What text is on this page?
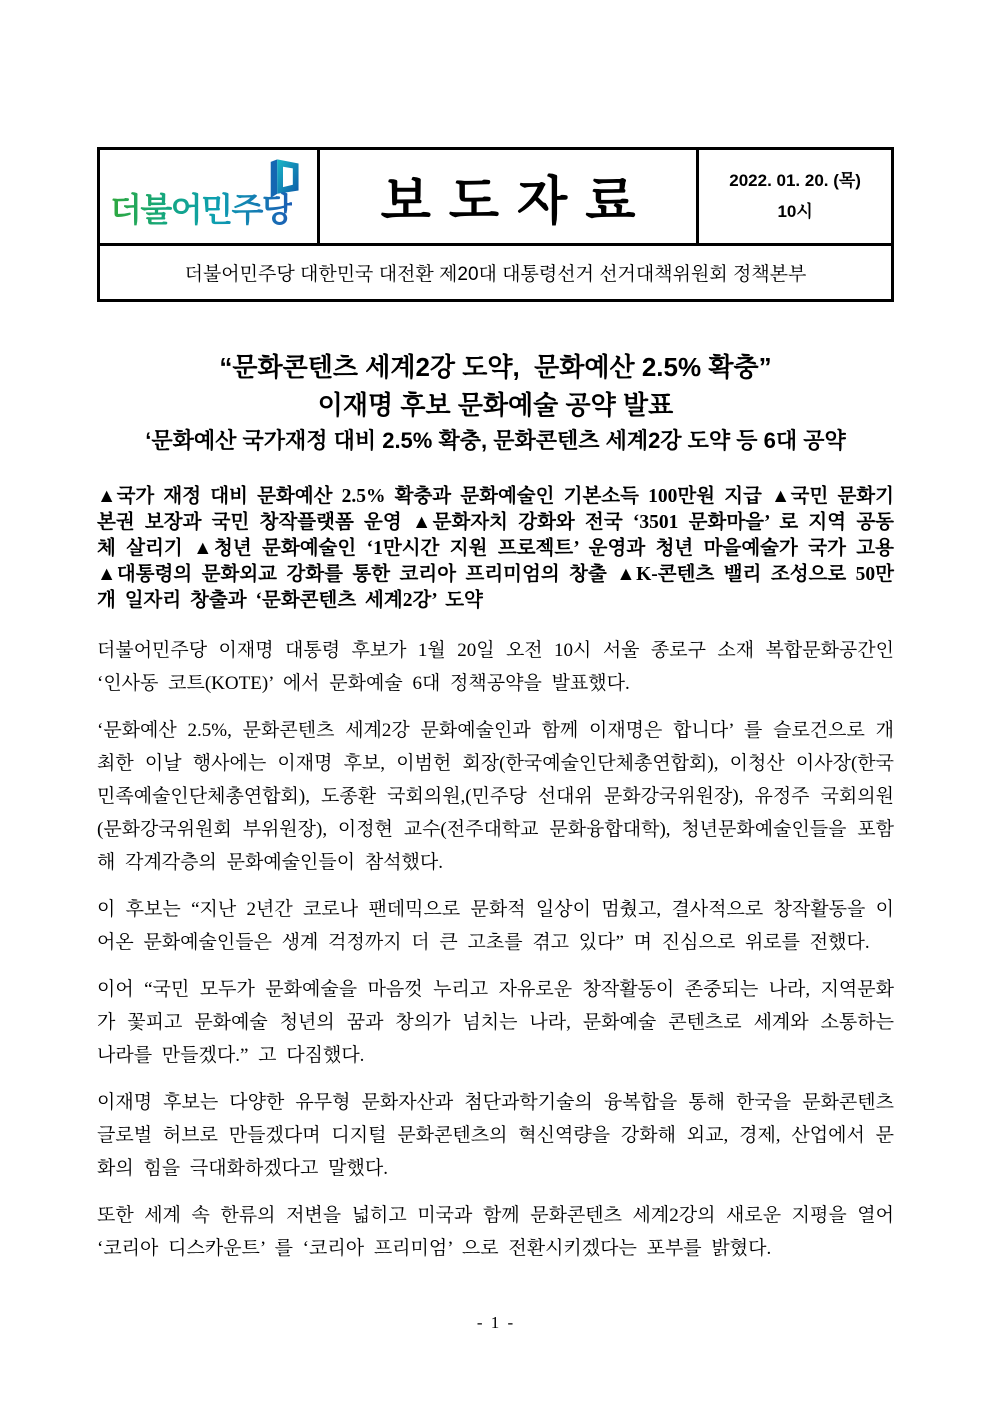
더불어민주당	보도자료	2022. 01. 20. (목)
10시

더불어민주당 대한민국 대전환 제20대 대통령선거 선거대책위원회 정책본부
“문화콘텐츠 세계2강 도약,  문화예산 2.5% 확충”
이재명 후보 문화예술 공약 발표
‘문화예산 국가재정 대비 2.5% 확충, 문화콘텐츠 세계2강 도약 등 6대 공약
▲국가 재정 대비 문화예산 2.5% 확충과 문화예술인 기본소득 100만원 지급 ▲국민 문화기본권 보장과 국민 창작플랫폼 운영 ▲문화자치 강화와 전국 ‘3501 문화마을’ 로 지역 공동체 살리기 ▲청년 문화예술인 ‘1만시간 지원 프로젝트’ 운영과 청년 마을예술가 국가 고용 ▲대통령의 문화외교 강화를 통한 코리아 프리미엄의 창출 ▲K-콘텐츠 밸리 조성으로 50만개 일자리 창출과 ‘문화콘텐츠 세계2강’ 도약

더불어민주당 이재명 대통령 후보가 1월 20일 오전 10시 서울 종로구 소재 복합문화공간인 ‘인사동 코트(KOTE)’ 에서 문화예술 6대 정책공약을 발표했다.

‘문화예산 2.5%, 문화콘텐츠 세계2강 문화예술인과 함께 이재명은 합니다’ 를 슬로건으로 개최한 이날 행사에는 이재명 후보, 이범헌 회장(한국예술인단체총연합회), 이청산 이사장(한국민족예술인단체총연합회), 도종환 국회의원,(민주당 선대위 문화강국위원장), 유정주 국회의원(문화강국위원회 부위원장), 이정현 교수(전주대학교 문화융합대학), 청년문화예술인들을 포함해 각계각층의 문화예술인들이 참석했다.

이 후보는 “지난 2년간 코로나 팬데믹으로 문화적 일상이 멈췄고, 결사적으로 창작활동을 이어온 문화예술인들은 생계 걱정까지 더 큰 고초를 겪고 있다” 며 진심으로 위로를 전했다.

이어 “국민 모두가 문화예술을 마음껏 누리고 자유로운 창작활동이 존중되는 나라, 지역문화가 꽃피고 문화예술 청년의 꿈과 창의가 넘치는 나라, 문화예술 콘텐츠로 세계와 소통하는 나라를 만들겠다.” 고 다짐했다.

이재명 후보는 다양한 유무형 문화자산과 첨단과학기술의 융복합을 통해 한국을 문화콘텐츠 글로벌 허브로 만들겠다며 디지털 문화콘텐츠의 혁신역량을 강화해 외교, 경제, 산업에서 문화의 힘을 극대화하겠다고 말했다.

또한 세계 속 한류의 저변을 넓히고 미국과 함께 문화콘텐츠 세계2강의 새로운 지평을 열어 ‘코리아 디스카운트’ 를 ‘코리아 프리미엄’ 으로 전환시키겠다는 포부를 밝혔다.

- 1 -
